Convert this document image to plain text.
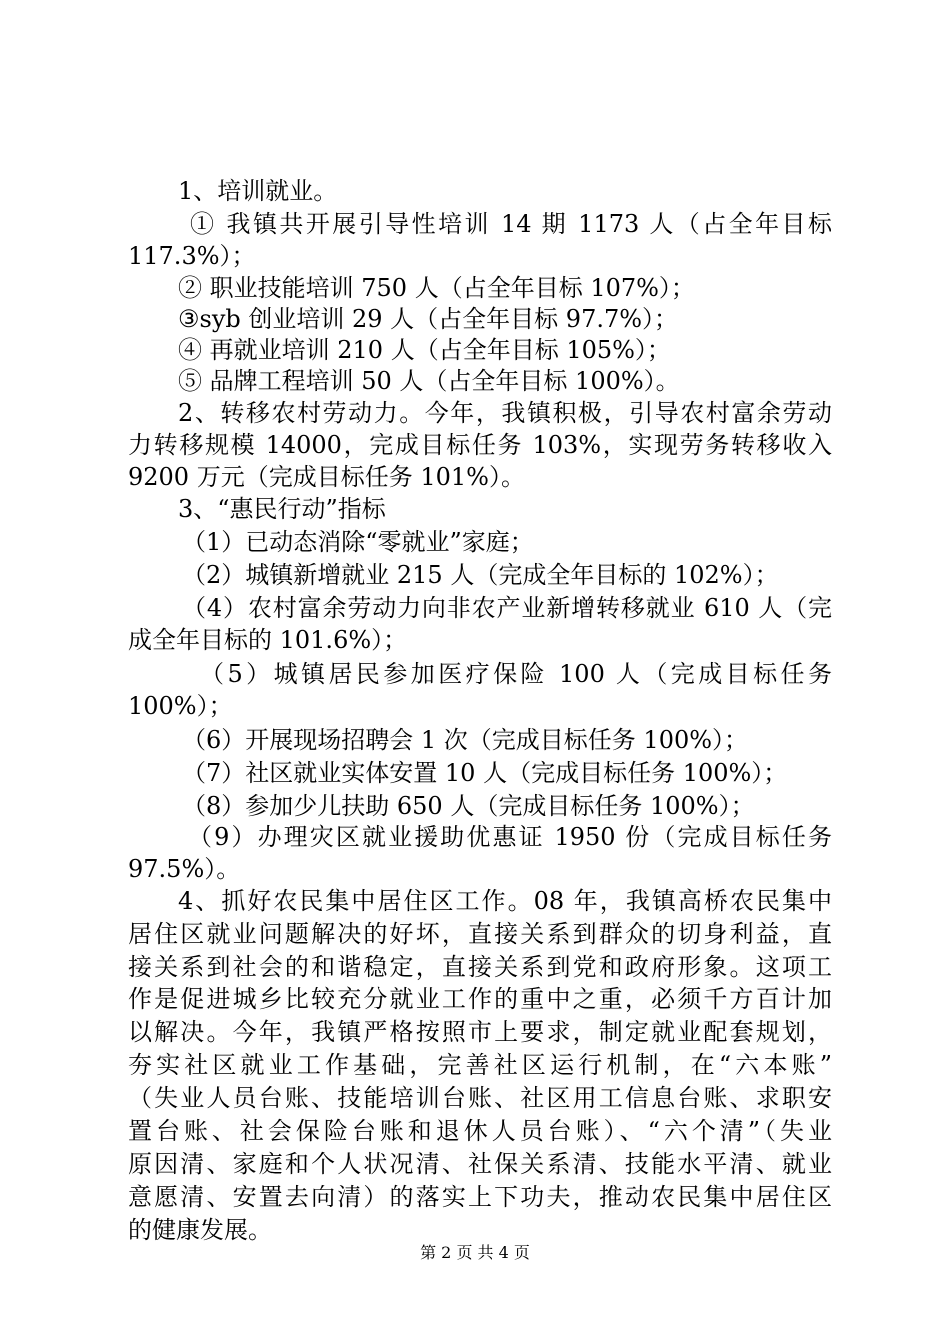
1、培训就业。
① 我镇共开展引导性培训 14 期 1173 人（占全年目标
117.3%）；
② 职业技能培训 750 人（占全年目标 107%）；
③syb 创业培训 29 人（占全年目标 97.7%）；
④ 再就业培训 210 人（占全年目标 105%）；
⑤ 品牌工程培训 50 人（占全年目标 100%）。
2、转移农村劳动力。今年，我镇积极，引导农村富余劳动
力转移规模 14000，完成目标任务 103%，实现劳务转移收入
9200 万元（完成目标任务 101%）。
3、“惠民行动”指标
（1）已动态消除“零就业”家庭；
（2）城镇新增就业 215 人（完成全年目标的 102%）；
（4）农村富余劳动力向非农产业新增转移就业 610 人（完
成全年目标的 101.6%）；
（5）城镇居民参加医疗保险 100 人（完成目标任务
100%）；
（6）开展现场招聘会 1 次（完成目标任务 100%）；
（7）社区就业实体安置 10 人（完成目标任务 100%）；
（8）参加少儿扶助 650 人（完成目标任务 100%）；
（9）办理灾区就业援助优惠证 1950 份（完成目标任务
97.5%）。
4、抓好农民集中居住区工作。08 年，我镇高桥农民集中
居住区就业问题解决的好坏，直接关系到群众的切身利益，直
接关系到社会的和谐稳定，直接关系到党和政府形象。这项工
作是促进城乡比较充分就业工作的重中之重，必须千方百计加
以解决。今年，我镇严格按照市上要求，制定就业配套规划，
夯实社区就业工作基础，完善社区运行机制，在“六本账”
（失业人员台账、技能培训台账、社区用工信息台账、求职安
置台账、社会保险台账和退休人员台账）、“六个清”（失业
原因清、家庭和个人状况清、社保关系清、技能水平清、就业
意愿清、安置去向清）的落实上下功夫，推动农民集中居住区
的健康发展。
第 2 页 共 4 页
